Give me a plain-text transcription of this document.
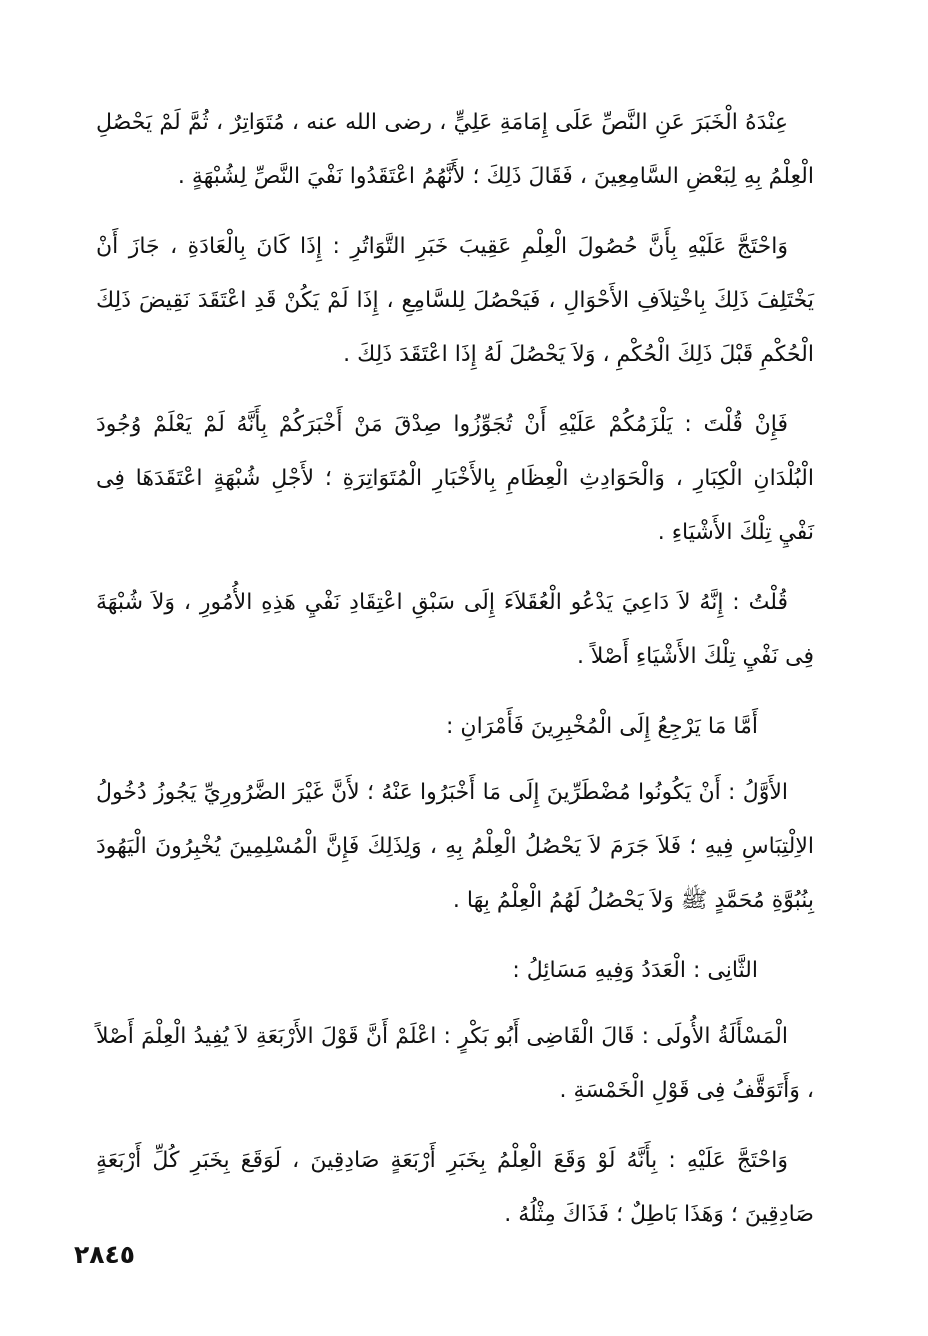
عِنْدَهُ الْخَبَرَ عَنِ النَّصِّ عَلَى إِمَامَةِ عَلِيٍّ ، رضى الله عنه ، مُتَوَاتِرٌ ، ثُمَّ لَمْ يَحْصُلِ الْعِلْمُ بِهِ لِبَعْضِ السَّامِعِينَ ، فَقَالَ ذَلِكَ ؛ لأَنَّهُمُ اعْتَقَدُوا نَفْيَ النَّصِّ لِشُبْهَةٍ .

وَاحْتَجَّ عَلَيْهِ بِأَنَّ حُصُولَ الْعِلْمِ عَقِيبَ خَبَرِ التَّوَاتُرِ : إِذَا كَانَ بِالْعَادَةِ ، جَازَ أَنْ يَخْتَلِفَ ذَلِكَ بِاخْتِلاَفِ الأَحْوَالِ ، فَيَحْصُلَ لِلسَّامِعِ ، إِذَا لَمْ يَكُنْ قَدِ اعْتَقَدَ نَقِيضَ ذَلِكَ الْحُكْمِ قَبْلَ ذَلِكَ الْحُكْمِ ، وَلاَ يَحْصُلَ لَهُ إِذَا اعْتَقَدَ ذَلِكَ .

فَإِنْ قُلْتَ : يَلْزَمُكُمْ عَلَيْهِ أَنْ تُجَوِّزُوا صِدْقَ مَنْ أَخْبَرَكُمْ بِأَنَّهُ لَمْ يَعْلَمْ وُجُودَ الْبُلْدَانِ الْكِبَارِ ، وَالْحَوَادِثِ الْعِظَامِ بِالأَخْبَارِ الْمُتَوَاتِرَةِ ؛ لأَجْلِ شُبْهَةٍ اعْتَقَدَهَا فِى نَفْيِ تِلْكَ الأَشْيَاءِ .

قُلْتُ : إِنَّهُ لاَ دَاعِيَ يَدْعُو الْعُقَلاَءَ إِلَى سَبْقِ اعْتِقَادِ نَفْيِ هَذِهِ الأُمُورِ ، وَلاَ شُبْهَةَ فِى نَفْيِ تِلْكَ الأَشْيَاءِ أَصْلاً .

أَمَّا مَا يَرْجِعُ إِلَى الْمُخْبِرِينَ فَأَمْرَانِ :

الأَوَّلُ : أَنْ يَكُونُوا مُضْطَرِّينَ إِلَى مَا أَخْبَرُوا عَنْهُ ؛ لأَنَّ غَيْرَ الضَّرُورِيِّ يَجُوزُ دُخُولُ الاِلْتِبَاسِ فِيهِ ؛ فَلاَ جَرَمَ لاَ يَحْصُلُ الْعِلْمُ بِهِ ، وَلِذَلِكَ فَإِنَّ الْمُسْلِمِينَ يُخْبِرُونَ الْيَهُودَ بِنُبُوَّةِ مُحَمَّدٍ ﷺ وَلاَ يَحْصُلُ لَهُمُ الْعِلْمُ بِهَا .

الثَّانِى : الْعَدَدُ وَفِيهِ مَسَائِلُ :

الْمَسْأَلَةُ الأُولَى : قَالَ الْقَاضِى أَبُو بَكْرٍ : اعْلَمْ أَنَّ قَوْلَ الأَرْبَعَةِ لاَ يُفِيدُ الْعِلْمَ أَصْلاً ، وَأَتَوَقَّفُ فِى قَوْلِ الْخَمْسَةِ .

وَاحْتَجَّ عَلَيْهِ : بِأَنَّهُ لَوْ وَقَعَ الْعِلْمُ بِخَبَرِ أَرْبَعَةٍ صَادِقِينَ ، لَوَقَعَ بِخَبَرِ كُلِّ أَرْبَعَةٍ صَادِقِينَ ؛ وَهَذَا بَاطِلٌ ؛ فَذَاكَ مِثْلُهُ .

٢٨٤٥
